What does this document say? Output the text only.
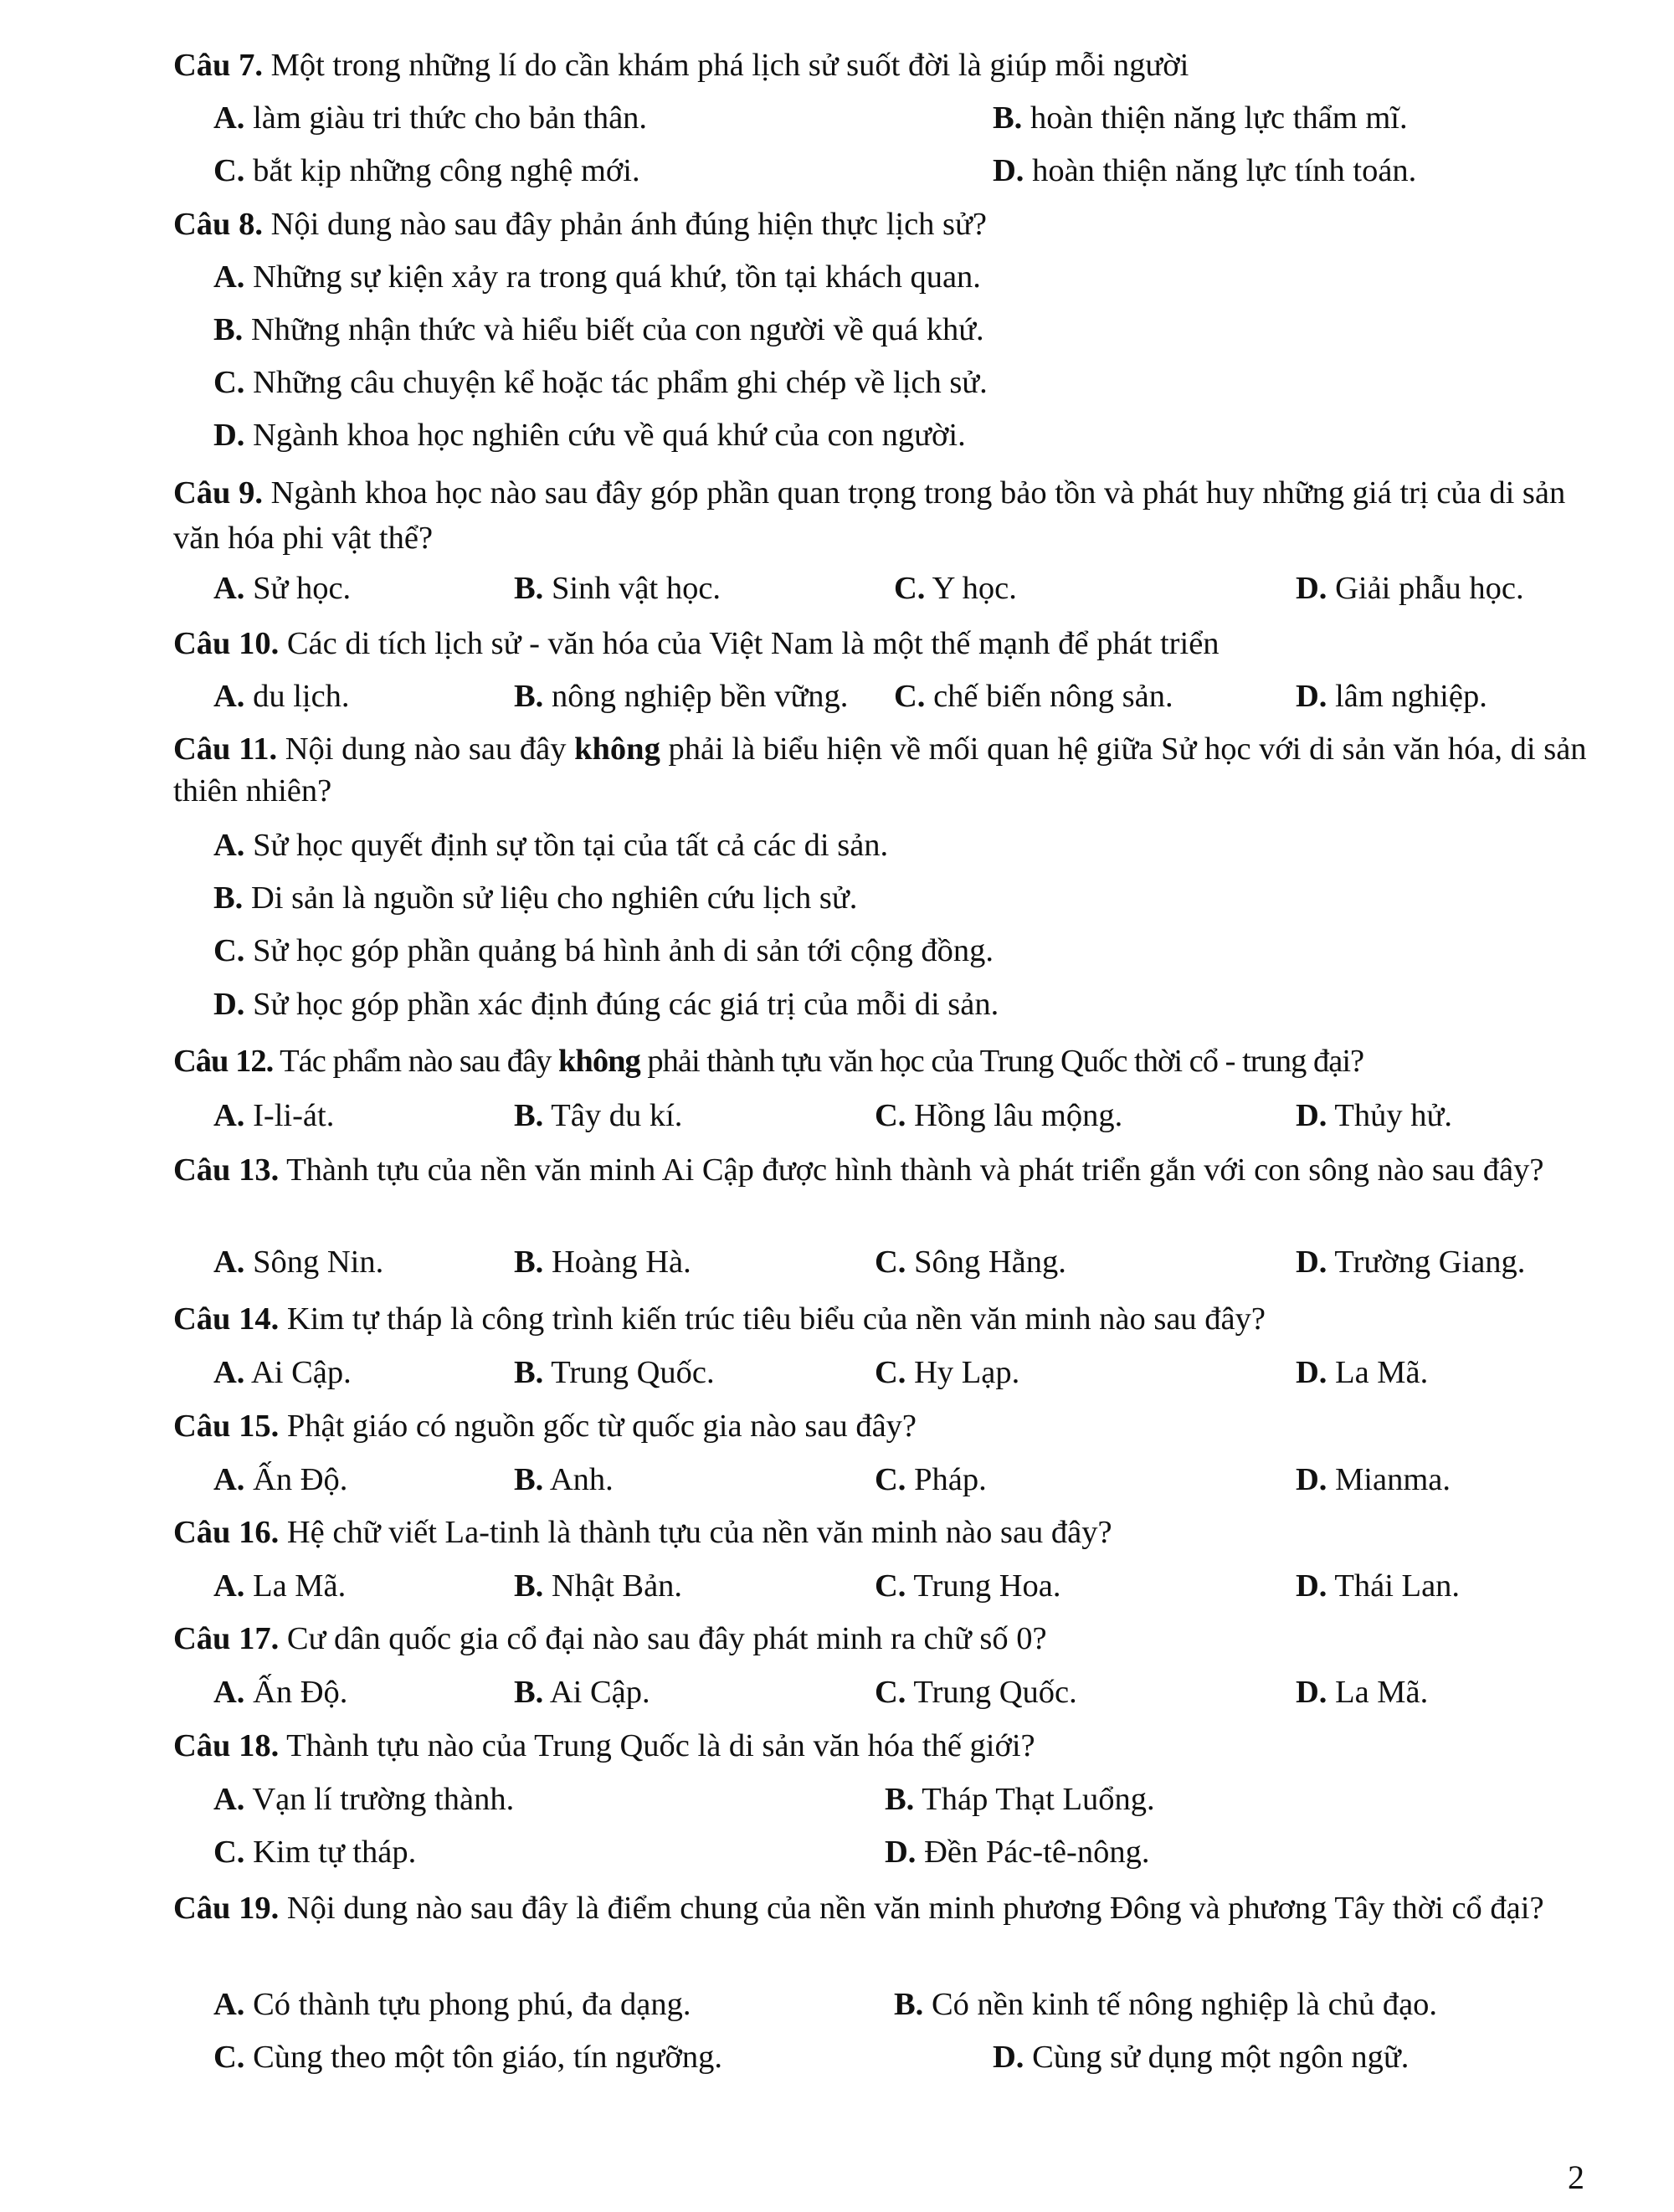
Câu 7. Một trong những lí do cần khám phá lịch sử suốt đời là giúp mỗi người

A. làm giàu tri thức cho bản thân.	B. hoàn thiện năng lực thẩm mĩ.

C. bắt kịp những công nghệ mới.	D. hoàn thiện năng lực tính toán.

Câu 8. Nội dung nào sau đây phản ánh đúng hiện thực lịch sử?

A. Những sự kiện xảy ra trong quá khứ, tồn tại khách quan.

B. Những nhận thức và hiểu biết của con người về quá khứ.

C. Những câu chuyện kể hoặc tác phẩm ghi chép về lịch sử.

D. Ngành khoa học nghiên cứu về quá khứ của con người.

Câu 9. Ngành khoa học nào sau đây góp phần quan trọng trong bảo tồn và phát huy những giá trị của di sản văn hóa phi vật thể?

A. Sử học.	B. Sinh vật học.	C. Y học.	D. Giải phẫu học.

Câu 10. Các di tích lịch sử - văn hóa của Việt Nam là một thế mạnh để phát triển

A. du lịch.	B. nông nghiệp bền vững. C. chế biến nông sản.	D. lâm nghiệp.

Câu 11. Nội dung nào sau đây không phải là biểu hiện về mối quan hệ giữa Sử học với di sản văn hóa, di sản thiên nhiên?

A. Sử học quyết định sự tồn tại của tất cả các di sản.

B. Di sản là nguồn sử liệu cho nghiên cứu lịch sử.

C. Sử học góp phần quảng bá hình ảnh di sản tới cộng đồng.

D. Sử học góp phần xác định đúng các giá trị của mỗi di sản.

Câu 12. Tác phẩm nào sau đây không phải thành tựu văn học của Trung Quốc thời cổ - trung đại?

A. I-li-át.	B. Tây du kí.	C. Hồng lâu mộng.	D. Thủy hử.

Câu 13. Thành tựu của nền văn minh Ai Cập được hình thành và phát triển gắn với con sông nào sau đây?

A. Sông Nin.	B. Hoàng Hà.	C. Sông Hằng.	D. Trường Giang.

Câu 14. Kim tự tháp là công trình kiến trúc tiêu biểu của nền văn minh nào sau đây?

A. Ai Cập.	B. Trung Quốc.	C. Hy Lạp.	D. La Mã.

Câu 15. Phật giáo có nguồn gốc từ quốc gia nào sau đây?

A. Ấn Độ.	B. Anh.	C. Pháp.	D. Mianma.

Câu 16. Hệ chữ viết La-tinh là thành tựu của nền văn minh nào sau đây?

A. La Mã.	B. Nhật Bản.	C. Trung Hoa.	D. Thái Lan.

Câu 17. Cư dân quốc gia cổ đại nào sau đây phát minh ra chữ số 0?

A. Ấn Độ.	B. Ai Cập.	C. Trung Quốc.	D. La Mã.

Câu 18. Thành tựu nào của Trung Quốc là di sản văn hóa thế giới?

A. Vạn lí trường thành.	B. Tháp Thạt Luổng.

C. Kim tự tháp.	D. Đền Pác-tê-nông.

Câu 19. Nội dung nào sau đây là điểm chung của nền văn minh phương Đông và phương Tây thời cổ đại?

A. Có thành tựu phong phú, đa dạng.	B. Có nền kinh tế nông nghiệp là chủ đạo.

C. Cùng theo một tôn giáo, tín ngưỡng.	D. Cùng sử dụng một ngôn ngữ.

2
